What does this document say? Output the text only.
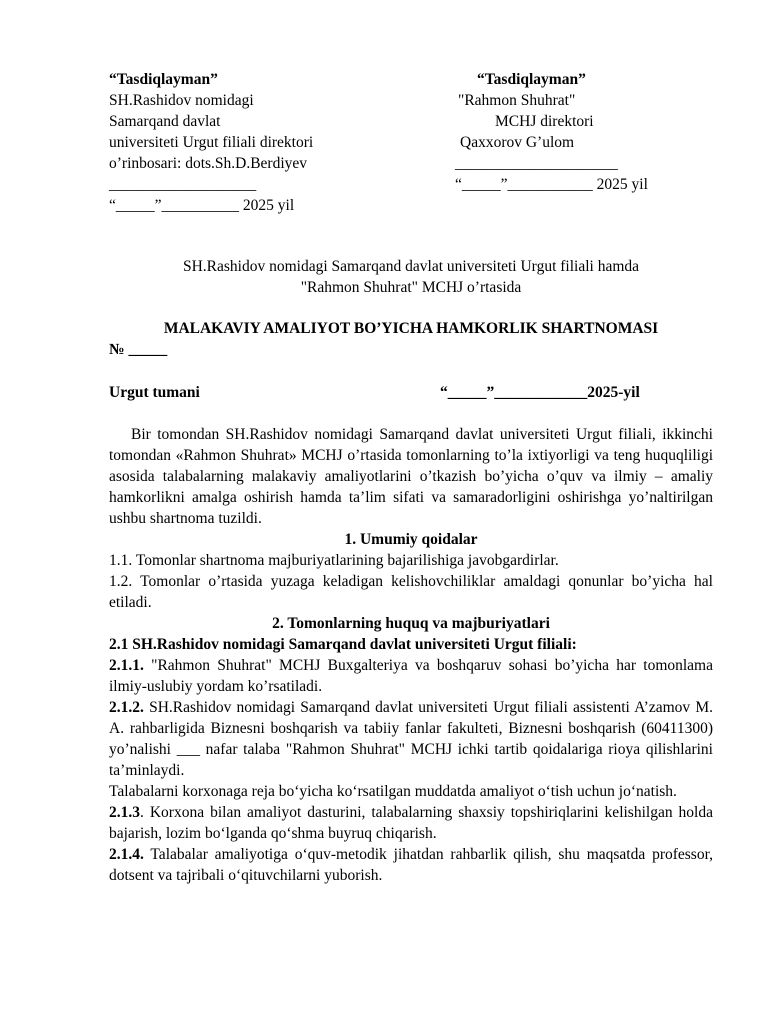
“Tasdiqlayman”
SH.Rashidov nomidagi
Samarqand davlat
universiteti Urgut filiali direktori
o’rinbosari: dots.Sh.D.Berdiyev
___________________
“_____”__________ 2025 yil
“Tasdiqlayman”
"Rahmon Shuhrat"
MCHJ direktori
Qaxxorov G’ulom
_____________________
“_____”___________ 2025 yil
SH.Rashidov nomidagi Samarqand davlat universiteti Urgut filiali hamda
"Rahmon Shuhrat" MCHJ o’rtasida
MALAKAVIY AMALIYOT BO’YICHA HAMKORLIK SHARTNOMASI
№ _____
Urgut tumani	“_____”____________2025-yil

Bir tomondan SH.Rashidov nomidagi Samarqand davlat universiteti Urgut filiali, ikkinchi tomondan «Rahmon Shuhrat» MCHJ o’rtasida tomonlarning to’la ixtiyorligi va teng huquqliligi asosida talabalarning malakaviy amaliyotlarini o’tkazish bo’yicha o’quv va ilmiy – amaliy hamkorlikni amalga oshirish hamda ta’lim sifati va samaradorligini oshirishga yo’naltirilgan ushbu shartnoma tuzildi.

1. Umumiy qoidalar

1.1. Tomonlar shartnoma majburiyatlarining bajarilishiga javobgardirlar.

1.2. Tomonlar o’rtasida yuzaga keladigan kelishovchiliklar amaldagi qonunlar bo’yicha hal etiladi.

2. Tomonlarning huquq va majburiyatlari

2.1 SH.Rashidov nomidagi Samarqand davlat universiteti Urgut filiali:

2.1.1. "Rahmon Shuhrat" MCHJ Buxgalteriya va boshqaruv sohasi bo’yicha har tomonlama ilmiy-uslubiy yordam ko’rsatiladi.

2.1.2. SH.Rashidov nomidagi Samarqand davlat universiteti Urgut filiali assistenti A’zamov M. A. rahbarligida Biznesni boshqarish va tabiiy fanlar fakulteti, Biznesni boshqarish (60411300) yo’nalishi ___ nafar talaba "Rahmon Shuhrat" MCHJ ichki tartib qoidalariga rioya qilishlarini ta’minlaydi.

Talabalarni korxonaga reja bo‘yicha ko‘rsatilgan muddatda amaliyot o‘tish uchun jo‘natish.

2.1.3. Korxona bilan amaliyot dasturini, talabalarning shaxsiy topshiriqlarini kelishilgan holda bajarish, lozim bo‘lganda qo‘shma buyruq chiqarish.

2.1.4. Talabalar amaliyotiga o‘quv-metodik jihatdan rahbarlik qilish, shu maqsatda professor, dotsent va tajribali o‘qituvchilarni yuborish.
